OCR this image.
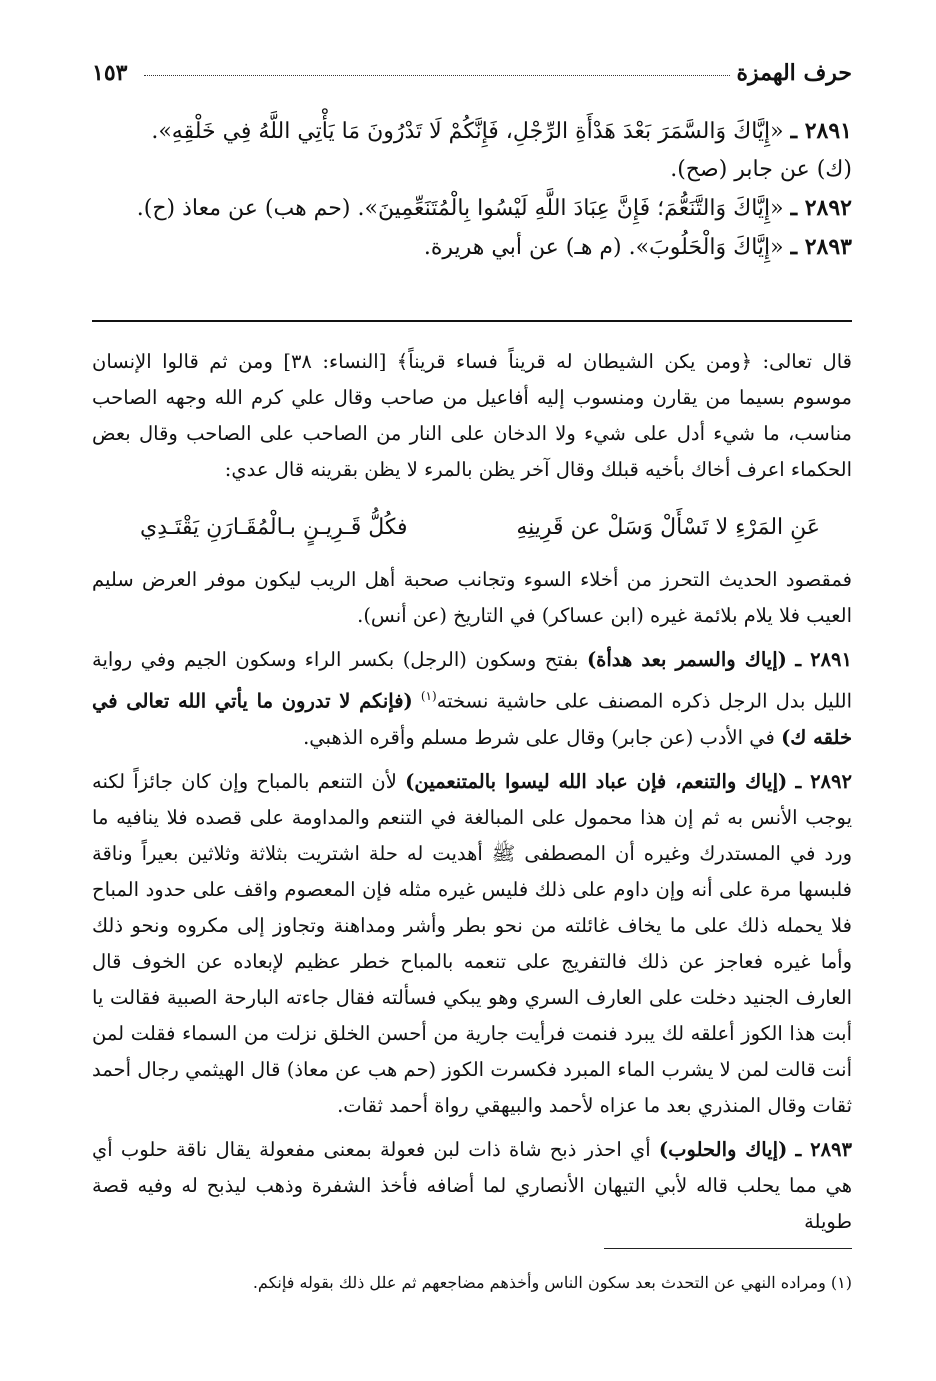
حرف الهمزة
١٥٣

٢٨٩١ ـ «إِيَّاكَ وَالسَّمَرَ بَعْدَ هَدْأَةِ الرِّجْلِ، فَإِنَّكُمْ لَا تَدْرُونَ مَا يَأْتِي اللَّهُ فِي خَلْقِهِ».

(ك) عن جابر (صح).

٢٨٩٢ ـ «إِيَّاكَ وَالتَّنَعُّمَ؛ فَإِنَّ عِبَادَ اللَّهِ لَيْسُوا بِالْمُتَنَعِّمِينَ». (حم هب) عن معاذ (ح).

٢٨٩٣ ـ «إِيَّاكَ وَالْحَلُوبَ». (م هـ) عن أبي هريرة.

قال تعالى: ﴿ومن يكن الشيطان له قريناً فساء قريناً﴾ [النساء: ٣٨] ومن ثم قالوا الإنسان موسوم بسيما من يقارن ومنسوب إليه أفاعيل من صاحب وقال علي كرم الله وجهه الصاحب مناسب، ما شيء أدل على شيء ولا الدخان على النار من الصاحب على الصاحب وقال بعض الحكماء اعرف أخاك بأخيه قبلك وقال آخر يظن بالمرء لا يظن بقرينه قال عدي:

عَنِ المَرْءِ لا تَسْأَلْ وَسَلْ عن قَرِينِهِ
فكُلُّ قَـرِيـنٍ بـالْمُقَـارَنِ يَقْتَـدِي

فمقصود الحديث التحرز من أخلاء السوء وتجانب صحبة أهل الريب ليكون موفر العرض سليم العيب فلا يلام بلائمة غيره (ابن عساكر) في التاريخ (عن أنس).

٢٨٩١ ـ (إياك والسمر بعد هدأة) بفتح وسكون (الرجل) بكسر الراء وسكون الجيم وفي رواية الليل بدل الرجل ذكره المصنف على حاشية نسخته$^{(١)}$ (فإنكم لا تدرون ما يأتي الله تعالى في خلقه ك) في الأدب (عن جابر) وقال على شرط مسلم وأقره الذهبي.

٢٨٩٢ ـ (إياك والتنعم، فإن عباد الله ليسوا بالمتنعمين) لأن التنعم بالمباح وإن كان جائزاً لكنه يوجب الأنس به ثم إن هذا محمول على المبالغة في التنعم والمداومة على قصده فلا ينافيه ما ورد في المستدرك وغيره أن المصطفى ﷺ أهديت له حلة اشتريت بثلاثة وثلاثين بعيراً وناقة فلبسها مرة على أنه وإن داوم على ذلك فليس غيره مثله فإن المعصوم واقف على حدود المباح فلا يحمله ذلك على ما يخاف غائلته من نحو بطر وأشر ومداهنة وتجاوز إلى مكروه ونحو ذلك وأما غيره فعاجز عن ذلك فالتفريج على تنعمه بالمباح خطر عظيم لإبعاده عن الخوف قال العارف الجنيد دخلت على العارف السري وهو يبكي فسألته فقال جاءته البارحة الصبية فقالت يا أبت هذا الكوز أعلقه لك يبرد فنمت فرأيت جارية من أحسن الخلق نزلت من السماء فقلت لمن أنت قالت لمن لا يشرب الماء المبرد فكسرت الكوز (حم هب عن معاذ) قال الهيثمي رجال أحمد ثقات وقال المنذري بعد ما عزاه لأحمد والبيهقي رواة أحمد ثقات.

٢٨٩٣ ـ (إياك والحلوب) أي احذر ذبح شاة ذات لبن فعولة بمعنى مفعولة يقال ناقة حلوب أي هي مما يحلب قاله لأبي التيهان الأنصاري لما أضافه فأخذ الشفرة وذهب ليذبح له وفيه قصة طويلة

(١) ومراده النهي عن التحدث بعد سكون الناس وأخذهم مضاجعهم ثم علل ذلك بقوله فإنكم.
